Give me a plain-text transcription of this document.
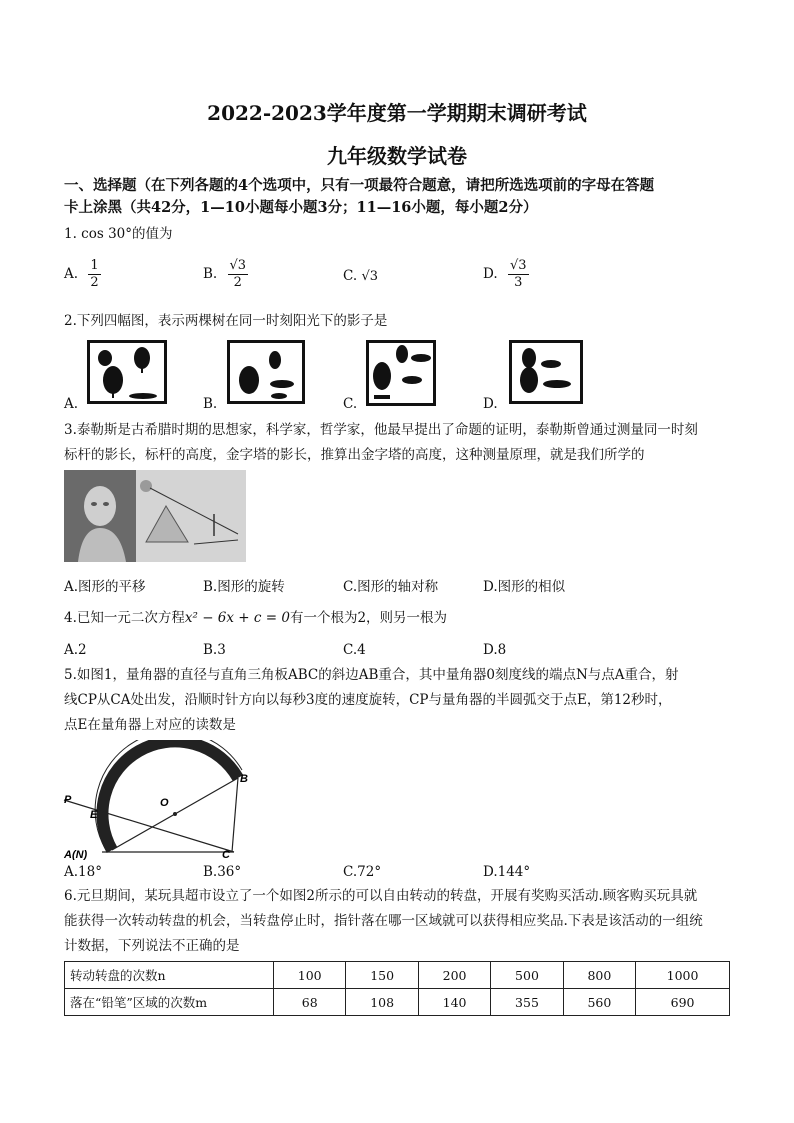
2022-2023学年度第一学期期末调研考试
九年级数学试卷
一、选择题（在下列各题的4个选项中，只有一项最符合题意，请把所选选项前的字母在答题
卡上涂黑（共42分，1—10小题每小题3分；11—16小题，每小题2分）
1. cos 30°的值为
A. $\frac{1}{2}$	B. $\frac{√3}{2}$	C. √3	D. $\frac{√3}{3}$
2.下列四幅图，表示两棵树在同一时刻阳光下的影子是
A.	B.	C.	D.
3.泰勒斯是古希腊时期的思想家，科学家，哲学家，他最早提出了命题的证明，泰勒斯曾通过测量同一时刻
标杆的影长，标杆的高度，金字塔的影长，推算出金字塔的高度，这种测量原理，就是我们所学的
A.图形的平移	B.图形的旋转	C.图形的轴对称	D.图形的相似
4.已知一元二次方程x² − 6x + c = 0有一个根为2，则另一根为
A.2	B.3	C.4	D.8
5.如图1，量角器的直径与直角三角板ABC的斜边AB重合，其中量角器0刻度线的端点N与点A重合，射
线CP从CA处出发，沿顺时针方向以每秒3度的速度旋转，CP与量角器的半圆弧交于点E，第12秒时，
点E在量角器上对应的读数是
P
E
O
B
A(N)	C
A.18°	B.36°	C.72°	D.144°
6.元旦期间，某玩具超市设立了一个如图2所示的可以自由转动的转盘，开展有奖购买活动.顾客购买玩具就
能获得一次转动转盘的机会，当转盘停止时，指针落在哪一区域就可以获得相应奖品.下表是该活动的一组统
计数据，下列说法不正确的是
转动转盘的次数n	100	150	200	500	800	1000
落在“铅笔”区域的次数m	68	108	140	355	560	690
